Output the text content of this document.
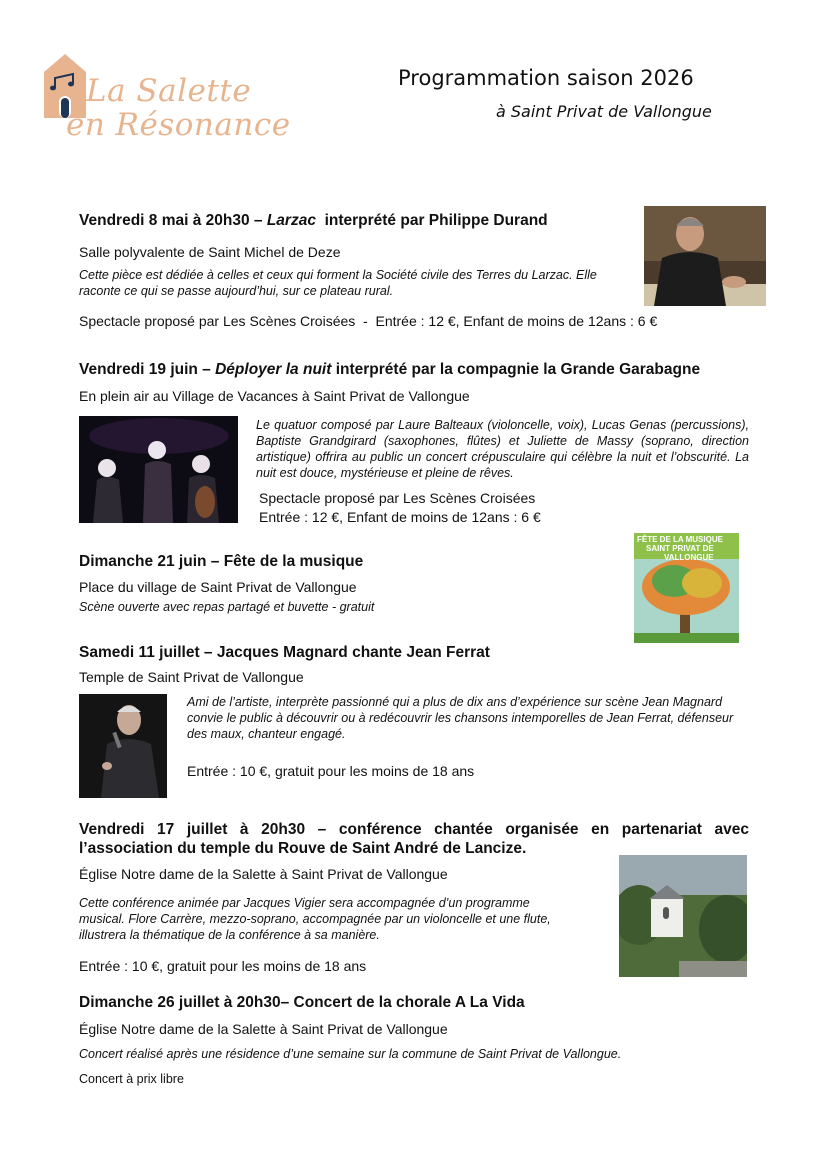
La Salette
en Résonance
Programmation saison 2026
à Saint Privat de Vallongue
Vendredi 8 mai à 20h30 – Larzac  interprété par Philippe Durand
Salle polyvalente de Saint Michel de Deze
Cette pièce est dédiée à celles et ceux qui forment la Société civile des Terres du Larzac. Elle raconte ce qui se passe aujourd’hui, sur ce plateau rural.
Spectacle proposé par Les Scènes Croisées  -  Entrée : 12 €, Enfant de moins de 12ans : 6 €
Vendredi 19 juin – Déployer la nuit interprété par la compagnie la Grande Garabagne
En plein air au Village de Vacances à Saint Privat de Vallongue
Le quatuor composé par Laure Balteaux (violoncelle, voix), Lucas Genas (percussions), Baptiste Grandgirard (saxophones, flûtes) et Juliette de Massy (soprano, direction artistique) offrira au public un concert crépusculaire qui célèbre la nuit et l’obscurité. La nuit est douce, mystérieuse et pleine de rêves.
Spectacle proposé par Les Scènes Croisées
Entrée : 12 €, Enfant de moins de 12ans : 6 €
Dimanche 21 juin – Fête de la musique
Place du village de Saint Privat de Vallongue
Scène ouverte avec repas partagé et buvette - gratuit
FÊTE DE LA MUSIQUE
SAINT PRIVAT DE
VALLONGUE
Samedi 11 juillet – Jacques Magnard chante Jean Ferrat
Temple de Saint Privat de Vallongue
Ami de l’artiste, interprète passionné qui a plus de dix ans d’expérience sur scène Jean Magnard convie le public à découvrir ou à redécouvrir les chansons intemporelles de Jean Ferrat, défenseur des maux, chanteur engagé.
Entrée : 10 €, gratuit pour les moins de 18 ans
Vendredi 17 juillet à 20h30 – conférence chantée organisée en partenariat avec l’association du temple du Rouve de Saint André de Lancize.
Église Notre dame de la Salette à Saint Privat de Vallongue
Cette conférence animée par Jacques Vigier sera accompagnée d’un programme musical. Flore Carrère, mezzo-soprano, accompagnée par un violoncelle et une flute, illustrera la thématique de la conférence à sa manière.
Entrée : 10 €, gratuit pour les moins de 18 ans
Dimanche 26 juillet à 20h30– Concert de la chorale A La Vida
Église Notre dame de la Salette à Saint Privat de Vallongue
Concert réalisé après une résidence d’une semaine sur la commune de Saint Privat de Vallongue.
Concert à prix libre
